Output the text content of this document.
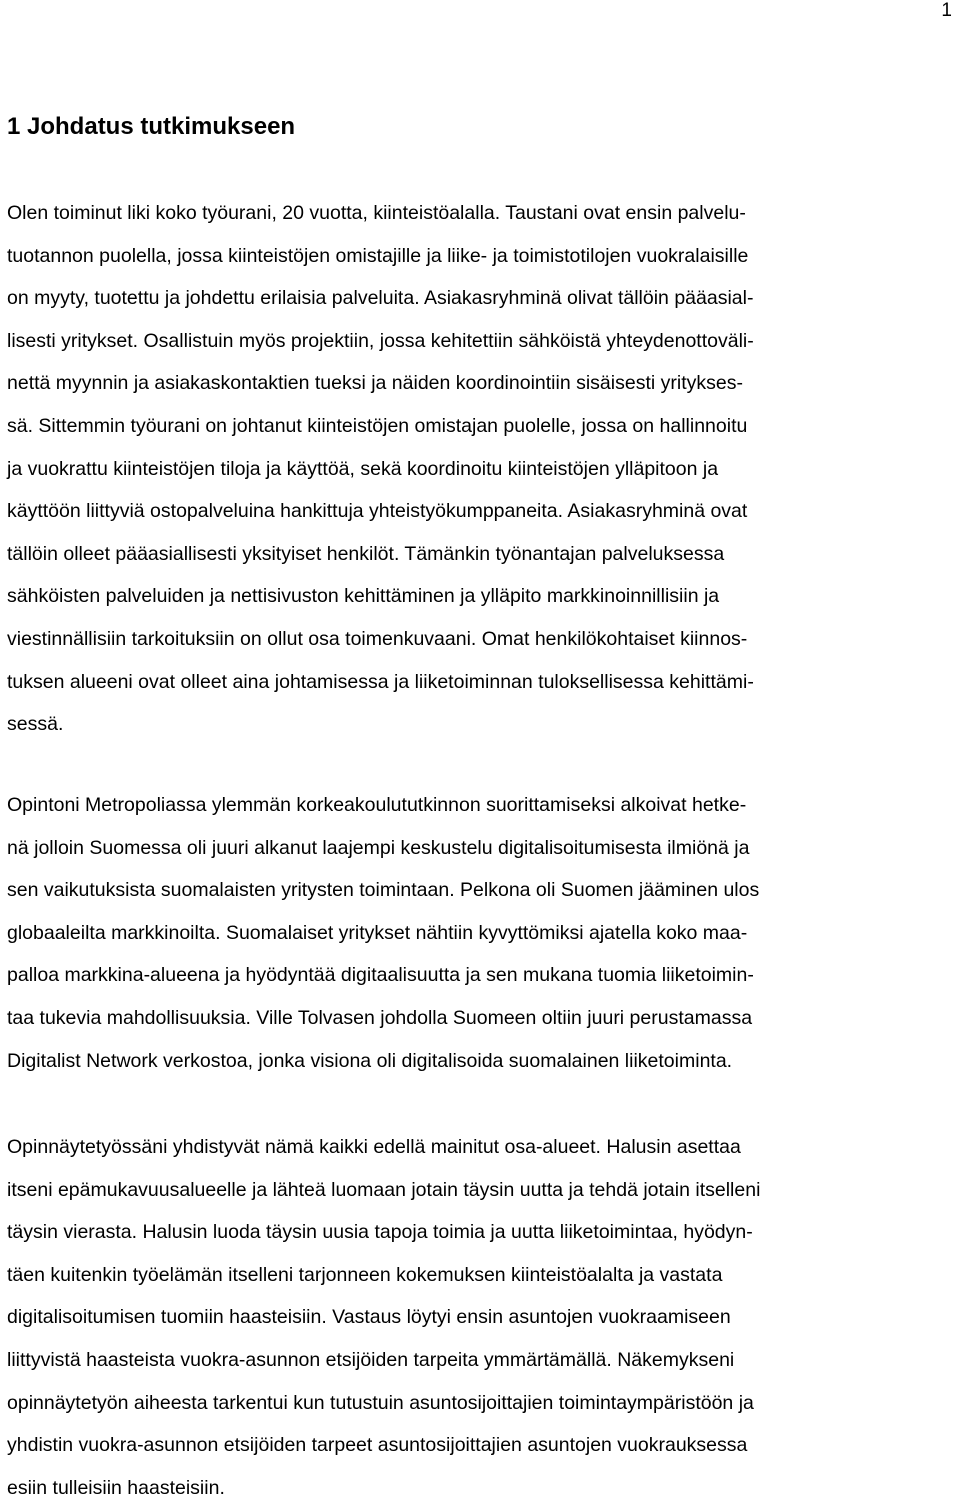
1
1 Johdatus tutkimukseen
Olen toiminut liki koko työurani, 20 vuotta, kiinteistöalalla. Taustani ovat ensin palvelu-
tuotannon puolella, jossa kiinteistöjen omistajille ja liike- ja toimistotilojen vuokralaisille
on myyty, tuotettu ja johdettu erilaisia palveluita. Asiakasryhminä olivat tällöin pääasial-
lisesti yritykset. Osallistuin myös projektiin, jossa kehitettiin sähköistä yhteydenottoväli-
nettä myynnin ja asiakaskontaktien tueksi ja näiden koordinointiin sisäisesti yritykses-
sä. Sittemmin työurani on johtanut kiinteistöjen omistajan puolelle, jossa on hallinnoitu
ja vuokrattu kiinteistöjen tiloja ja käyttöä, sekä koordinoitu kiinteistöjen ylläpitoon ja
käyttöön liittyviä ostopalveluina hankittuja yhteistyökumppaneita. Asiakasryhminä ovat
tällöin olleet pääasiallisesti yksityiset henkilöt. Tämänkin työnantajan palveluksessa
sähköisten palveluiden ja nettisivuston kehittäminen ja ylläpito markkinoinnillisiin ja
viestinnällisiin tarkoituksiin on ollut osa toimenkuvaani. Omat henkilökohtaiset kiinnos-
tuksen alueeni ovat olleet aina johtamisessa ja liiketoiminnan tuloksellisessa kehittämi-
sessä.
Opintoni Metropoliassa ylemmän korkeakoulututkinnon suorittamiseksi alkoivat hetke-
nä jolloin Suomessa oli juuri alkanut laajempi keskustelu digitalisoitumisesta ilmiönä ja
sen vaikutuksista suomalaisten yritysten toimintaan. Pelkona oli Suomen jääminen ulos
globaaleilta markkinoilta. Suomalaiset yritykset nähtiin kyvyttömiksi ajatella koko maa-
palloa markkina-alueena ja hyödyntää digitaalisuutta ja sen mukana tuomia liiketoimin-
taa tukevia mahdollisuuksia. Ville Tolvasen johdolla Suomeen oltiin juuri perustamassa
Digitalist Network verkostoa, jonka visiona oli digitalisoida suomalainen liiketoiminta.
Opinnäytetyössäni yhdistyvät nämä kaikki edellä mainitut osa-alueet. Halusin asettaa
itseni epämukavuusalueelle ja lähteä luomaan jotain täysin uutta ja tehdä jotain itselleni
täysin vierasta. Halusin luoda täysin uusia tapoja toimia ja uutta liiketoimintaa, hyödyn-
täen kuitenkin työelämän itselleni tarjonneen kokemuksen kiinteistöalalta ja vastata
digitalisoitumisen tuomiin haasteisiin. Vastaus löytyi ensin asuntojen vuokraamiseen
liittyvistä haasteista vuokra-asunnon etsijöiden tarpeita ymmärtämällä. Näkemykseni
opinnäytetyön aiheesta tarkentui kun tutustuin asuntosijoittajien toimintaympäristöön ja
yhdistin vuokra-asunnon etsijöiden tarpeet asuntosijoittajien asuntojen vuokrauksessa
esiin tulleisiin haasteisiin.
